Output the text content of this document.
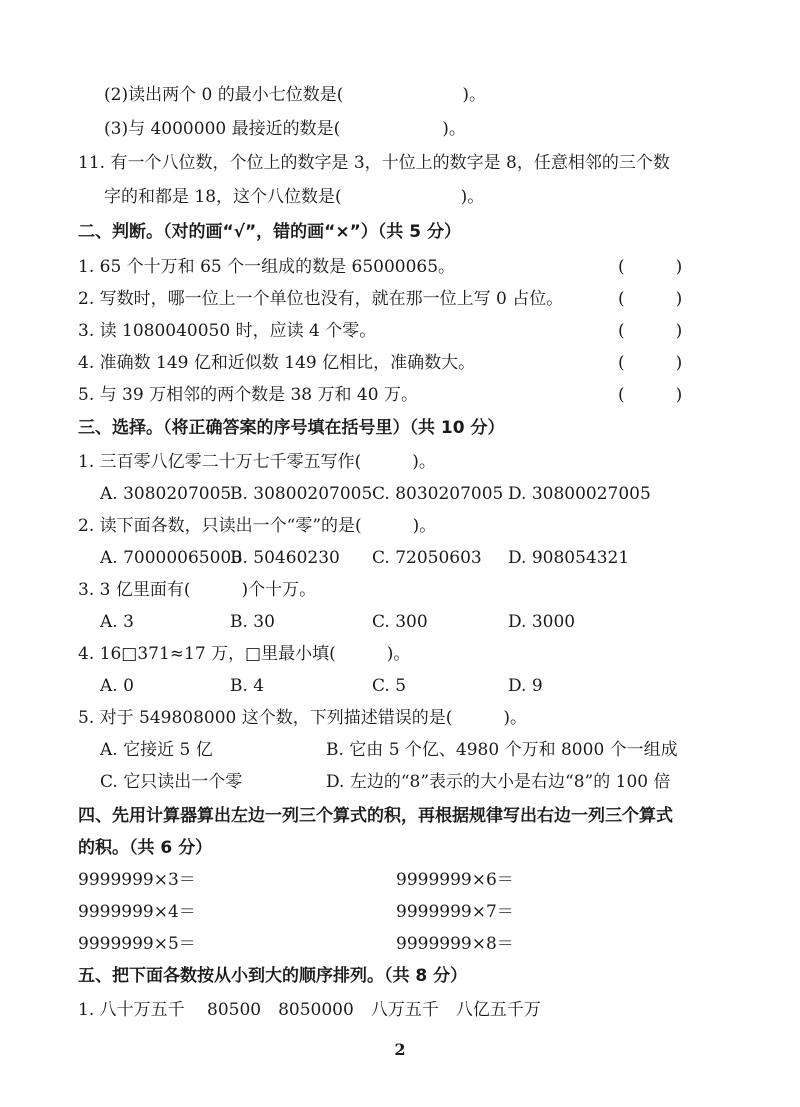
(2)读出两个 0 的最小七位数是(　　　　　　　)。
(3)与 4000000 最接近的数是(　　　　　　)。
11. 有一个八位数，个位上的数字是 3，十位上的数字是 8，任意相邻的三个数
字的和都是 18，这个八位数是(　　　　　　　)。
二、判断。（对的画“√”，错的画“×”）（共 5 分）
1. 65 个十万和 65 个一组成的数是 65000065。	(　　　)
2. 写数时，哪一位上一个单位也没有，就在那一位上写 0 占位。	(　　　)
3. 读 1080040050 时，应读 4 个零。	(　　　)
4. 准确数 149 亿和近似数 149 亿相比，准确数大。	(　　　)
5. 与 39 万相邻的两个数是 38 万和 40 万。	(　　　)
三、选择。（将正确答案的序号填在括号里）（共 10 分）
1. 三百零八亿零二十万七千零五写作(　　　)。
A. 3080207005
B. 30800207005 C. 8030207005 D. 30800027005
2. 读下面各数，只读出一个“零”的是(　　　)。
A. 70000065000
B. 50460230 C. 72050603 D. 908054321
3. 3 亿里面有(　　　)个十万。
A. 3	B. 30	C. 300	D. 3000
4. 16□371≈17 万，□里最小填(　　　)。
A. 0	B. 4	C. 5	D. 9
5. 对于 549808000 这个数，下列描述错误的是(　　　)。
A. 它接近 5 亿	B. 它由 5 个亿、4980 个万和 8000 个一组成
C. 它只读出一个零	D. 左边的“8”表示的大小是右边“8”的 100 倍
四、先用计算器算出左边一列三个算式的积，再根据规律写出右边一列三个算式
的积。（共 6 分）
9999999×3＝	9999999×6＝
9999999×4＝	9999999×7＝
9999999×5＝	9999999×8＝
五、把下面各数按从小到大的顺序排列。（共 8 分）
1. 八十万五千　 80500　8050000　八万五千　八亿五千万
2
